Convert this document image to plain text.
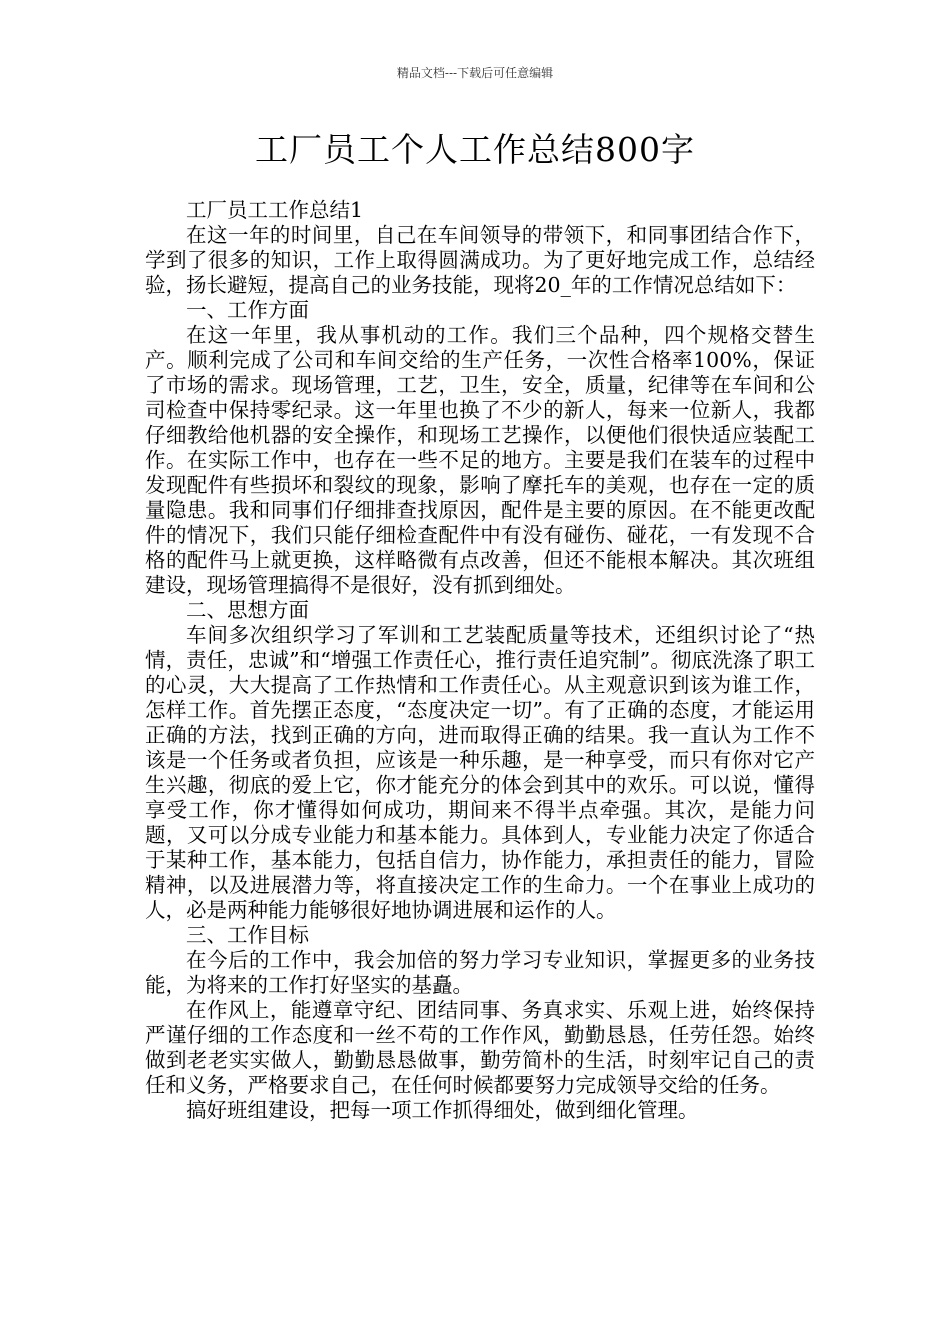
精品文档---下载后可任意编辑
工厂员工个人工作总结800字

工厂员工工作总结1

在这一年的时间里，自己在车间领导的带领下，和同事团结合作下，学到了很多的知识，工作上取得圆满成功。为了更好地完成工作，总结经验，扬长避短，提高自己的业务技能，现将20_年的工作情况总结如下：

一、工作方面

在这一年里，我从事机动的工作。我们三个品种，四个规格交替生产。顺利完成了公司和车间交给的生产任务，一次性合格率100%，保证了市场的需求。现场管理，工艺，卫生，安全，质量，纪律等在车间和公司检查中保持零纪录。这一年里也换了不少的新人，每来一位新人，我都仔细教给他机器的安全操作，和现场工艺操作，以便他们很快适应装配工作。在实际工作中，也存在一些不足的地方。主要是我们在装车的过程中发现配件有些损坏和裂纹的现象，影响了摩托车的美观，也存在一定的质量隐患。我和同事们仔细排查找原因，配件是主要的原因。在不能更改配件的情况下，我们只能仔细检查配件中有没有碰伤、碰花，一有发现不合格的配件马上就更换，这样略微有点改善，但还不能根本解决。其次班组建设，现场管理搞得不是很好，没有抓到细处。

二、思想方面

车间多次组织学习了军训和工艺装配质量等技术，还组织讨论了“热情，责任，忠诚”和“增强工作责任心，推行责任追究制”。彻底洗涤了职工的心灵，大大提高了工作热情和工作责任心。从主观意识到该为谁工作，怎样工作。首先摆正态度，“态度决定一切”。有了正确的态度，才能运用正确的方法，找到正确的方向，进而取得正确的结果。我一直认为工作不该是一个任务或者负担，应该是一种乐趣，是一种享受，而只有你对它产生兴趣，彻底的爱上它，你才能充分的体会到其中的欢乐。可以说，懂得享受工作，你才懂得如何成功，期间来不得半点牵强。其次，是能力问题，又可以分成专业能力和基本能力。具体到人，专业能力决定了你适合于某种工作，基本能力，包括自信力，协作能力，承担责任的能力，冒险精神，以及进展潜力等，将直接决定工作的生命力。一个在事业上成功的人，必是两种能力能够很好地协调进展和运作的人。

三、工作目标

在今后的工作中，我会加倍的努力学习专业知识，掌握更多的业务技能，为将来的工作打好坚实的基矗。

在作风上，能遵章守纪、团结同事、务真求实、乐观上进，始终保持严谨仔细的工作态度和一丝不苟的工作作风，勤勤恳恳，任劳任怨。始终做到老老实实做人，勤勤恳恳做事，勤劳简朴的生活，时刻牢记自己的责任和义务，严格要求自己，在任何时候都要努力完成领导交给的任务。

搞好班组建设，把每一项工作抓得细处，做到细化管理。
